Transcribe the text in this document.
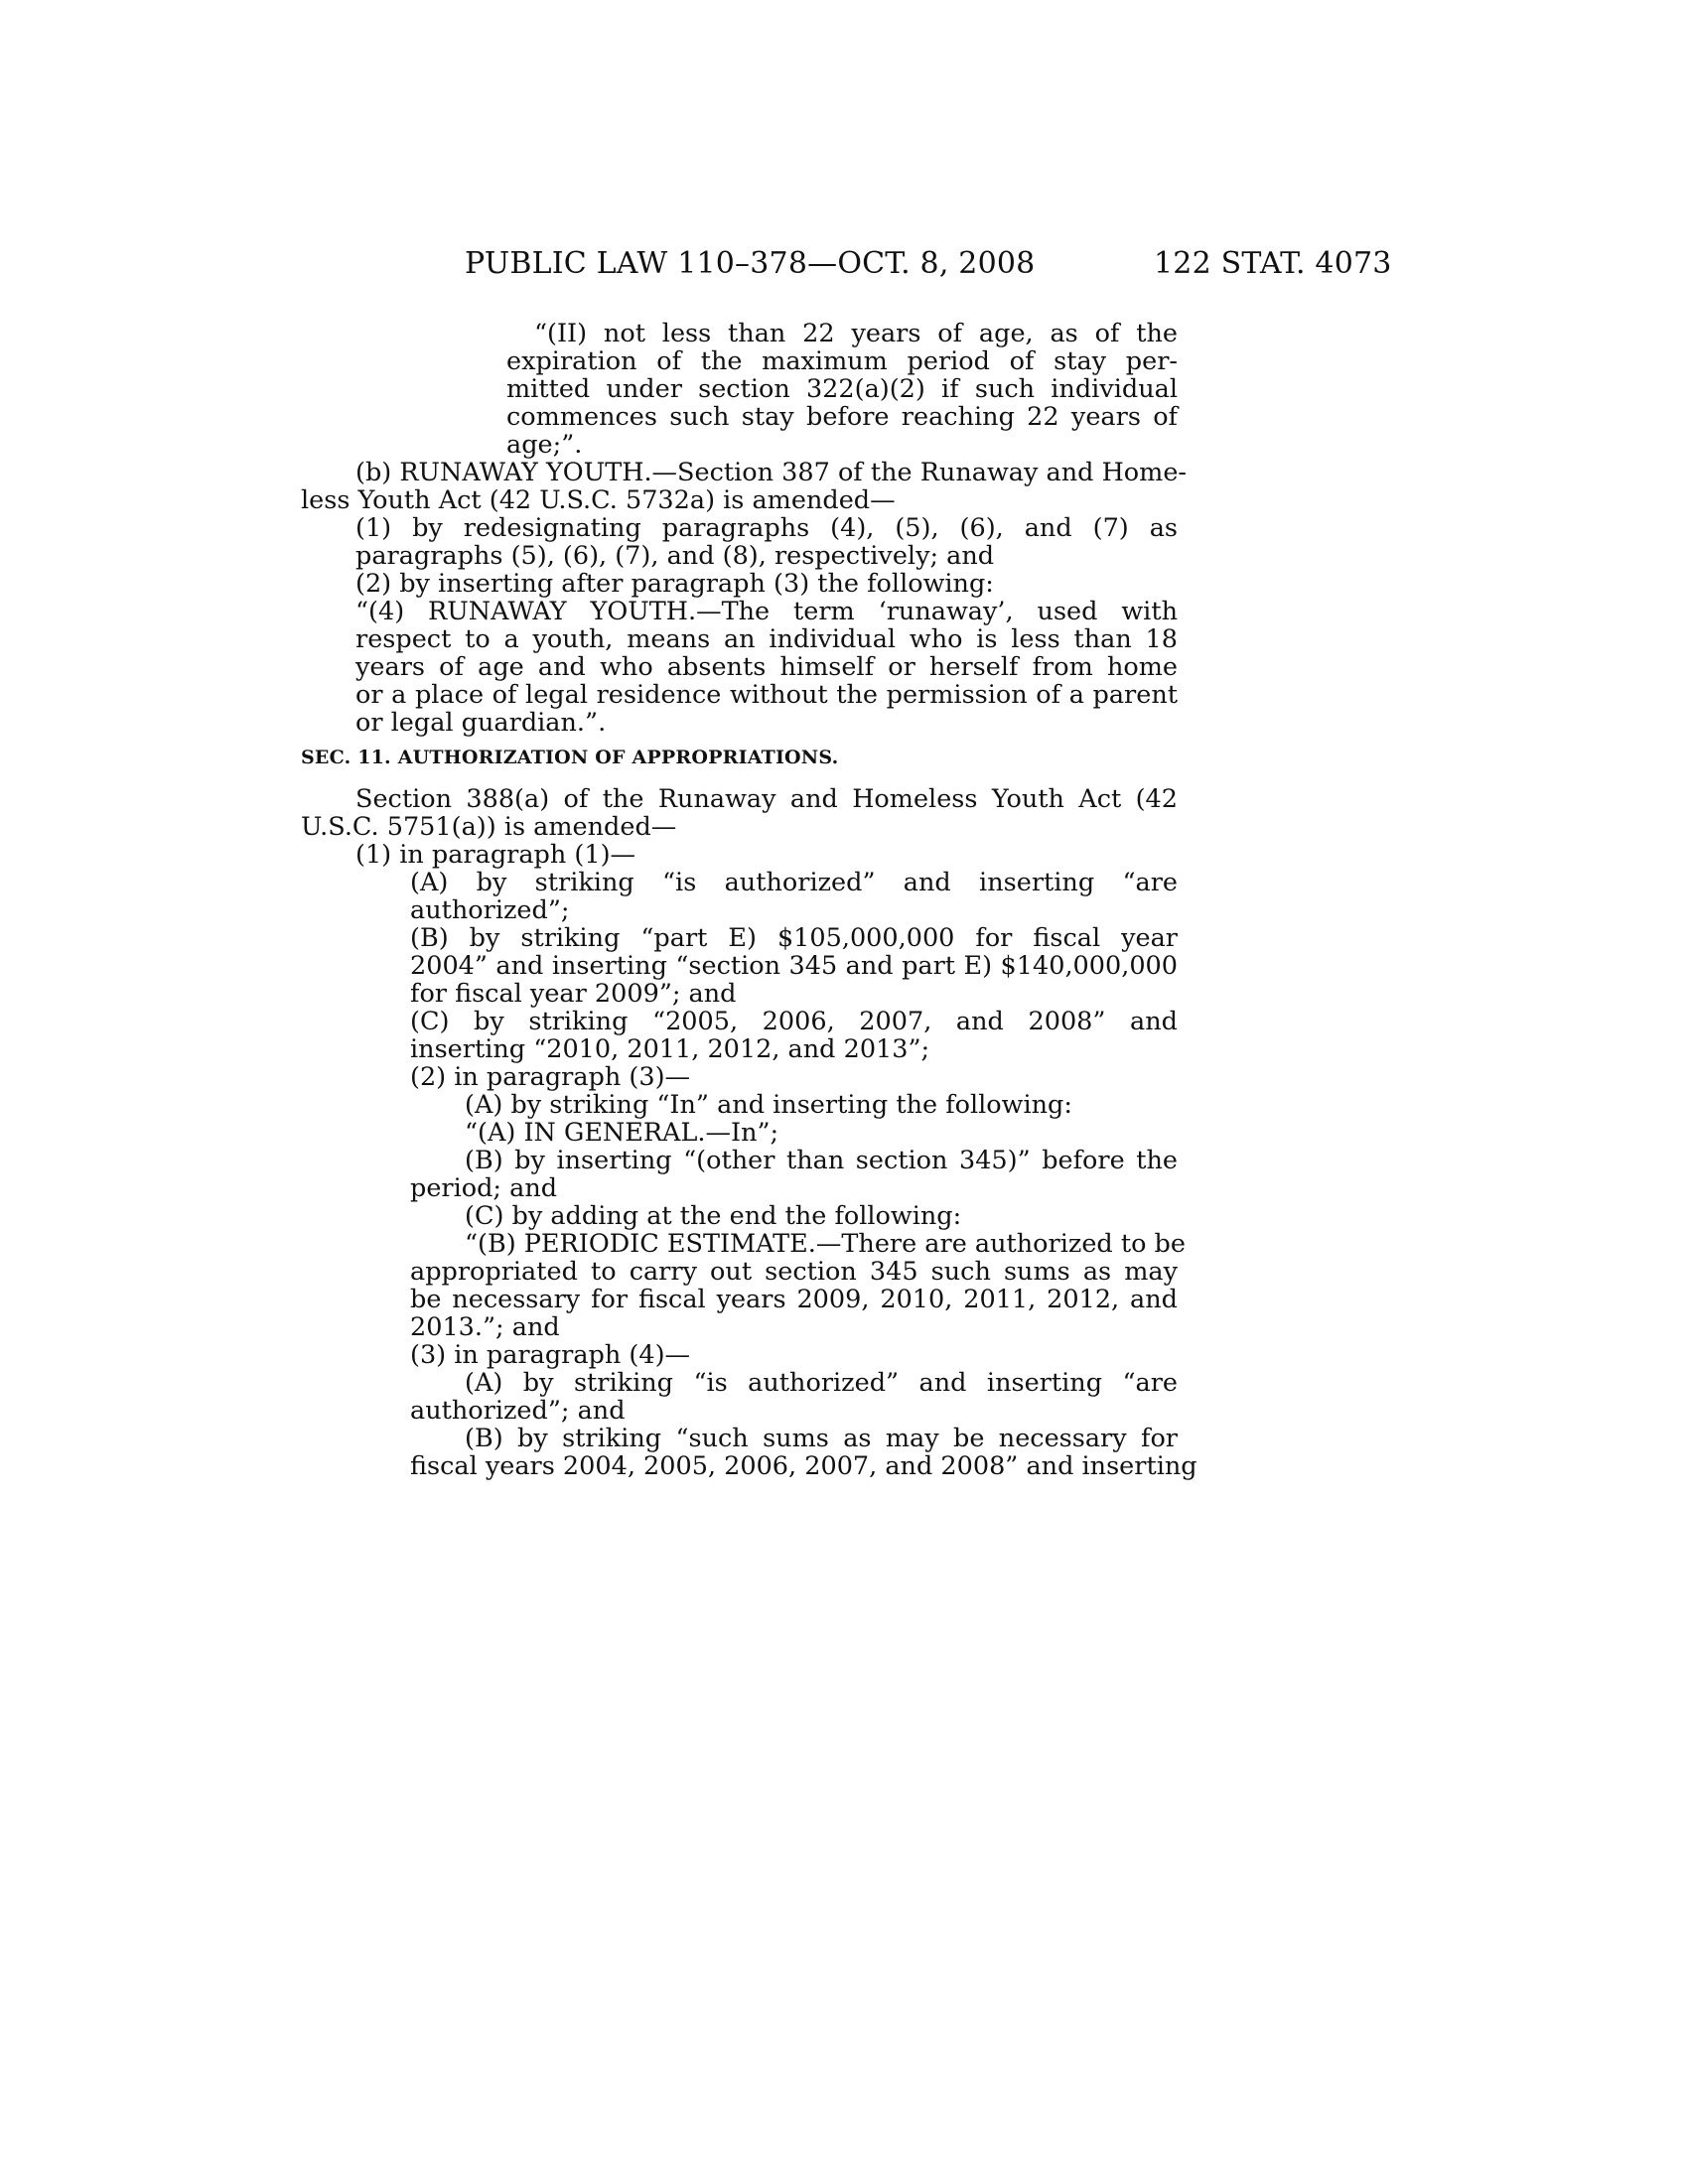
PUBLIC LAW 110–378—OCT. 8, 2008	122 STAT. 4073
“(II) not less than 22 years of age, as of the
expiration of the maximum period of stay per-
mitted under section 322(a)(2) if such individual
commences such stay before reaching 22 years of
age;”.
(b) RUNAWAY YOUTH.—Section 387 of the Runaway and Home-
less Youth Act (42 U.S.C. 5732a) is amended—
(1) by redesignating paragraphs (4), (5), (6), and (7) as
paragraphs (5), (6), (7), and (8), respectively; and
(2) by inserting after paragraph (3) the following:
“(4) RUNAWAY YOUTH.—The term ‘runaway’, used with
respect to a youth, means an individual who is less than 18
years of age and who absents himself or herself from home
or a place of legal residence without the permission of a parent
or legal guardian.”.
SEC. 11. AUTHORIZATION OF APPROPRIATIONS.
Section 388(a) of the Runaway and Homeless Youth Act (42
U.S.C. 5751(a)) is amended—
(1) in paragraph (1)—
(A) by striking “is authorized” and inserting “are
authorized”;
(B) by striking “part E) $105,000,000 for fiscal year
2004” and inserting “section 345 and part E) $140,000,000
for fiscal year 2009”; and
(C) by striking “2005, 2006, 2007, and 2008” and
inserting “2010, 2011, 2012, and 2013”;
(2) in paragraph (3)—
(A) by striking “In” and inserting the following:
“(A) IN GENERAL.—In”;
(B) by inserting “(other than section 345)” before the
period; and
(C) by adding at the end the following:
“(B) PERIODIC ESTIMATE.—There are authorized to be
appropriated to carry out section 345 such sums as may
be necessary for fiscal years 2009, 2010, 2011, 2012, and
2013.”; and
(3) in paragraph (4)—
(A) by striking “is authorized” and inserting “are
authorized”; and
(B) by striking “such sums as may be necessary for
fiscal years 2004, 2005, 2006, 2007, and 2008” and inserting
